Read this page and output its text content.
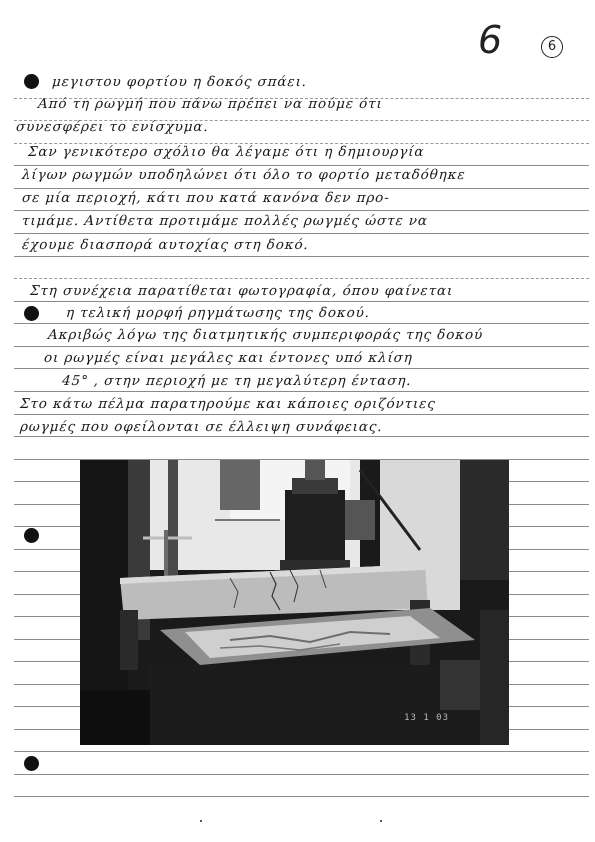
6	6
μεγιστου φορτίου η δοκός σπάει.
Από τη ρωγμή που πάνω πρέπει να πούμε ότι
συνεσφέρει το ενίσχυμα.
Σαν γενικότερο σχόλιο θα λέγαμε ότι η δημιουργία
λίγων ρωγμών υποδηλώνει ότι όλο το φορτίο μεταδόθηκε
σε μία περιοχή, κάτι που κατά κανόνα δεν προ-
τιμάμε. Αντίθετα προτιμάμε πολλές ρωγμές ώστε να
έχουμε διασπορά αυτοχίας στη δοκό.
Στη συνέχεια παρατίθεται φωτογραφία, όπου φαίνεται
η τελική μορφή ρηγμάτωσης της δοκού.
Ακριβώς λόγω της διατμητικής συμπεριφοράς της δοκού
οι ρωγμές είναι μεγάλες και έντονες υπό κλίση
45° , στην περιοχή με τη μεγαλύτερη ένταση.
Στο κάτω πέλμα παρατηρούμε και κάποιες οριζόντιες
ρωγμές που οφείλονται σε έλλειψη συνάφειας.
13 1 03
